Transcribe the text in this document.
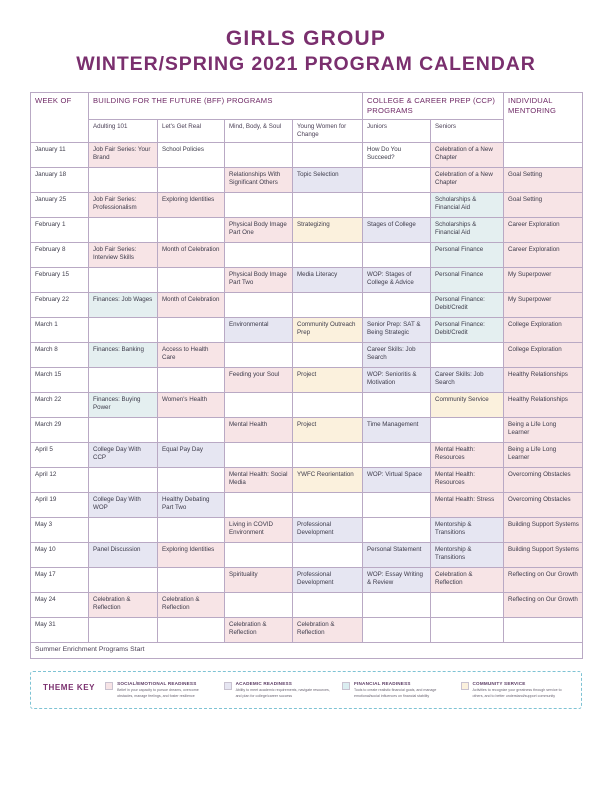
GIRLS GROUP
WINTER/SPRING 2021 PROGRAM CALENDAR
WEEK OF	BUILDING FOR THE FUTURE (BFF) PROGRAMS				COLLEGE & CAREER PREP (CCP) PROGRAMS		INDIVIDUAL MENTORING
	Adulting 101	Let's Get Real	Mind, Body, & Soul	Young Women for Change	Juniors	Seniors	
January 11	Job Fair Series: Your Brand	School Policies			How Do You Succeed?	Celebration of a New Chapter	
January 18			Relationships With Significant Others	Topic Selection		Celebration of a New Chapter	Goal Setting
January 25	Job Fair Series: Professionalism	Exploring Identities				Scholarships & Financial Aid	Goal Setting
February 1			Physical Body Image Part One	Strategizing	Stages of College	Scholarships & Financial Aid	Career Exploration
February 8	Job Fair Series: Interview Skills	Month of Celebration				Personal Finance	Career Exploration
February 15			Physical Body Image Part Two	Media Literacy	WOP: Stages of College & Advice	Personal Finance	My Superpower
February 22	Finances: Job Wages	Month of Celebration				Personal Finance: Debit/Credit	My Superpower
March 1			Environmental	Community Outreach Prep	Senior Prep: SAT & Being Strategic	Personal Finance: Debit/Credit	College Exploration
March 8	Finances: Banking	Access to Health Care			Career Skills: Job Search		College Exploration
March 15			Feeding your Soul	Project	WOP: Senioritis & Motivation	Career Skills: Job Search	Healthy Relationships
March 22	Finances: Buying Power	Women's Health				Community Service	Healthy Relationships
March 29			Mental Health	Project	Time Management		Being a Life Long Learner
April 5	College Day With CCP	Equal Pay Day				Mental Health: Resources	Being a Life Long Learner
April 12			Mental Health: Social Media	YWFC Reorientation	WOP: Virtual Space	Mental Health: Resources	Overcoming Obstacles
April 19	College Day With WOP	Healthy Debating Part Two				Mental Health: Stress	Overcoming Obstacles
May 3			Living in COVID Environment	Professional Development		Mentorship & Transitions	Building Support Systems
May 10	Panel Discussion	Exploring Identities			Personal Statement	Mentorship & Transitions	Building Support Systems
May 17			Spirituality	Professional Development	WOP: Essay Writing & Review	Celebration & Reflection	Reflecting on Our Growth
May 24	Celebration & Reflection	Celebration & Reflection					Reflecting on Our Growth
May 31			Celebration & Reflection	Celebration & Reflection			
Summer Enrichment Programs Start							
THEME KEY	SOCIAL/EMOTIONAL READINESS
Belief in your capacity to pursue dreams, overcome obstacles, manage feelings, and foster resilience
ACADEMIC READINESS
Ability to meet academic requirements, navigate resources, and plan for college/career success
FINANCIAL READINESS
Tools to create realistic financial goals, and manage emotional/social influences on financial stability
COMMUNITY SERVICE
Activities to recognize your greatness through service to others, and to better understand/support community
